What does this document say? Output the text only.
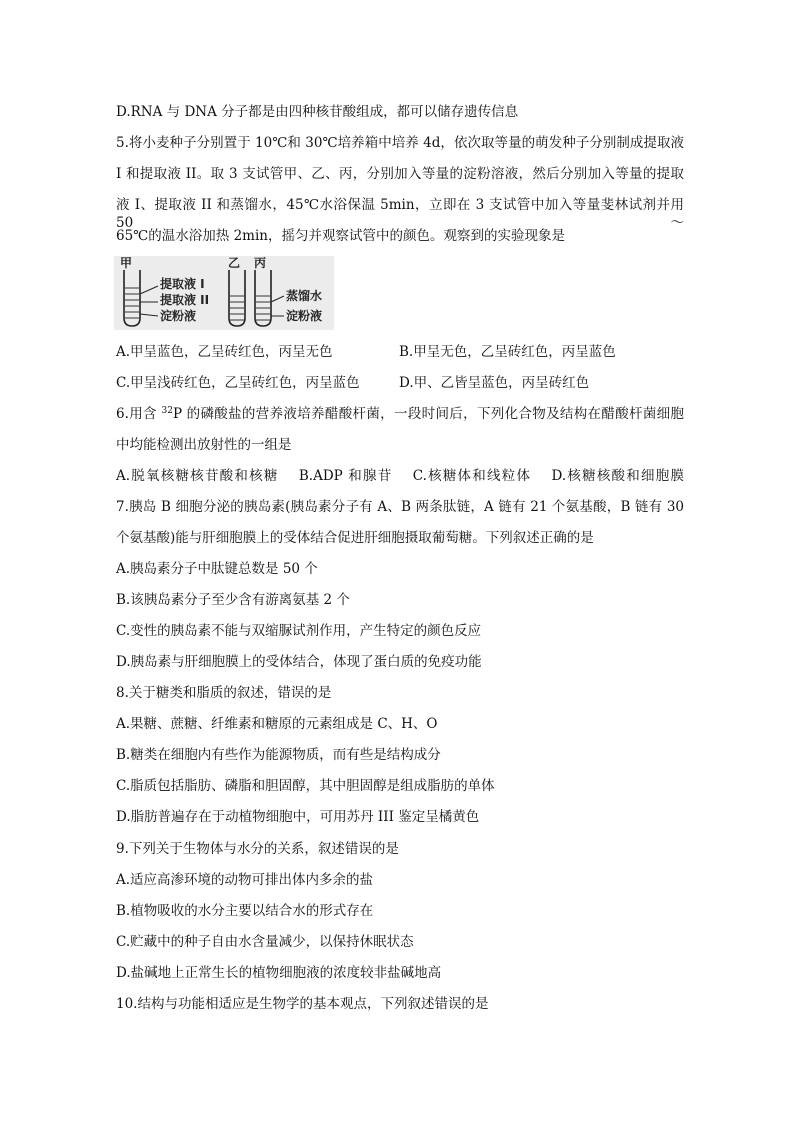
D.RNA 与 DNA 分子都是由四种核苷酸组成，都可以储存遗传信息
5.将小麦种子分别置于 10℃和 30℃培养箱中培养 4d，依次取等量的萌发种子分别制成提取液
I 和提取液 II。取 3 支试管甲、乙、丙，分别加入等量的淀粉溶液，然后分别加入等量的提取
液 I、提取液 II 和蒸馏水，45℃水浴保温 5min，立即在 3 支试管中加入等量斐林试剂并用 50～
65℃的温水浴加热 2min，摇匀并观察试管中的颜色。观察到的实验现象是
甲	乙 丙
提取液 I
提取液 II
淀粉液
蒸馏水
淀粉液
A.甲呈蓝色，乙呈砖红色，丙呈无色	B.甲呈无色，乙呈砖红色，丙呈蓝色
C.甲呈浅砖红色，乙呈砖红色，丙呈蓝色	D.甲、乙皆呈蓝色，丙呈砖红色
6.用含 $^{32}$P 的磷酸盐的营养液培养醋酸杆菌，一段时间后，下列化合物及结构在醋酸杆菌细胞
中均能检测出放射性的一组是
A.脱氧核糖核苷酸和核糖　 B.ADP 和腺苷　 C.核糖体和线粒体　 D.核糖核酸和细胞膜
7.胰岛 B 细胞分泌的胰岛素(胰岛素分子有 A、B 两条肽链，A 链有 21 个氨基酸，B 链有 30
个氨基酸)能与肝细胞膜上的受体结合促进肝细胞摄取葡萄糖。下列叙述正确的是
A.胰岛素分子中肽键总数是 50 个
B.该胰岛素分子至少含有游离氨基 2 个
C.变性的胰岛素不能与双缩脲试剂作用，产生特定的颜色反应
D.胰岛素与肝细胞膜上的受体结合，体现了蛋白质的免疫功能
8.关于糖类和脂质的叙述，错误的是
A.果糖、蔗糖、纤维素和糖原的元素组成是 C、H、O
B.糖类在细胞内有些作为能源物质，而有些是结构成分
C.脂质包括脂肪、磷脂和胆固醇，其中胆固醇是组成脂肪的单体
D.脂肪普遍存在于动植物细胞中，可用苏丹 III 鉴定呈橘黄色
9.下列关于生物体与水分的关系，叙述错误的是
A.适应高渗环境的动物可排出体内多余的盐
B.植物吸收的水分主要以结合水的形式存在
C.贮藏中的种子自由水含量减少，以保持休眠状态
D.盐碱地上正常生长的植物细胞液的浓度较非盐碱地高
10.结构与功能相适应是生物学的基本观点，下列叙述错误的是
